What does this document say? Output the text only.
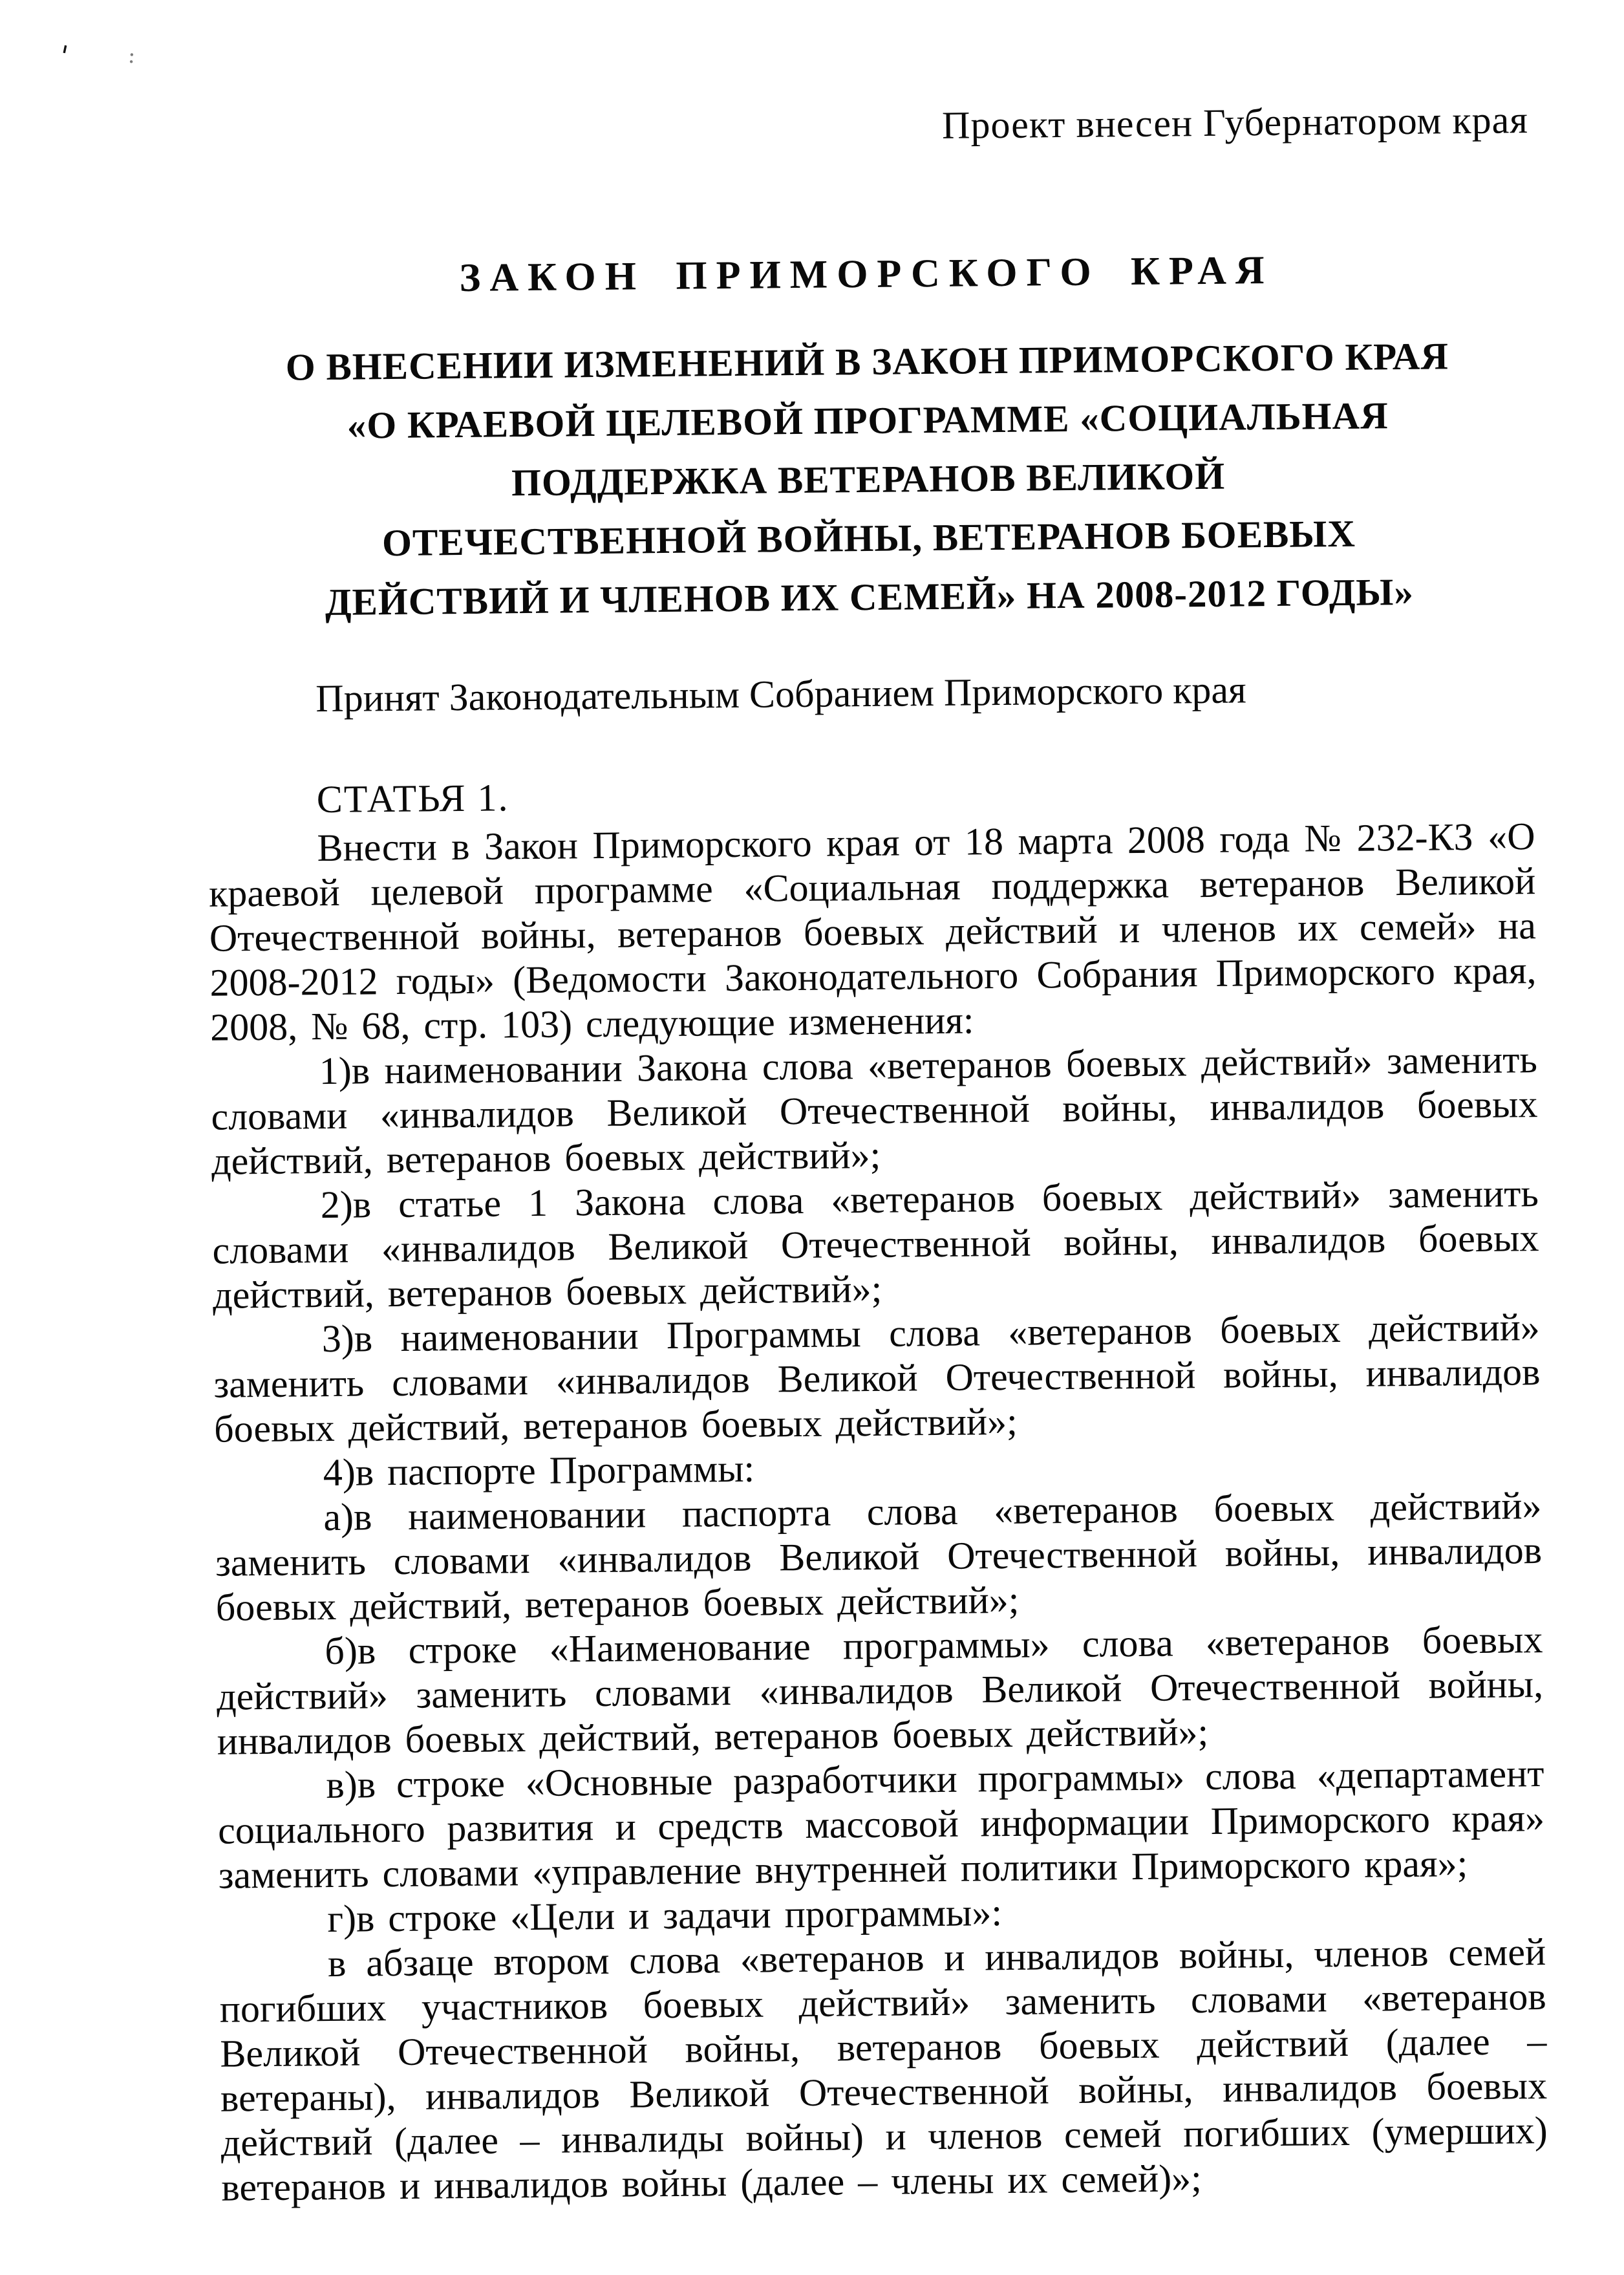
'	:
Проект внесен Губернатором края
ЗАКОН ПРИМОРСКОГО КРАЯ
О ВНЕСЕНИИ ИЗМЕНЕНИЙ В ЗАКОН ПРИМОРСКОГО КРАЯ
«О КРАЕВОЙ ЦЕЛЕВОЙ ПРОГРАММЕ «СОЦИАЛЬНАЯ
ПОДДЕРЖКА ВЕТЕРАНОВ ВЕЛИКОЙ
ОТЕЧЕСТВЕННОЙ ВОЙНЫ, ВЕТЕРАНОВ БОЕВЫХ
ДЕЙСТВИЙ И ЧЛЕНОВ ИХ СЕМЕЙ» НА 2008-2012 ГОДЫ»
Принят Законодательным Собранием Приморского края
СТАТЬЯ 1.
Внести в Закон Приморского края от 18 марта 2008 года № 232-КЗ «О краевой целевой программе «Социальная поддержка ветеранов Великой Отечественной войны, ветеранов боевых действий и членов их семей» на 2008-2012 годы» (Ведомости Законодательного Собрания Приморского края, 2008, № 68, стр. 103) следующие изменения:
1)в наименовании Закона слова «ветеранов боевых действий» заменить словами «инвалидов Великой Отечественной войны, инвалидов боевых действий, ветеранов боевых действий»;
2)в статье 1 Закона слова «ветеранов боевых действий» заменить словами «инвалидов Великой Отечественной войны, инвалидов боевых действий, ветеранов боевых действий»;
3)в наименовании Программы слова «ветеранов боевых действий» заменить словами «инвалидов Великой Отечественной войны, инвалидов боевых действий, ветеранов боевых действий»;
4)в паспорте Программы:
а)в наименовании паспорта слова «ветеранов боевых действий» заменить словами «инвалидов Великой Отечественной войны, инвалидов боевых действий, ветеранов боевых действий»;
б)в строке «Наименование программы» слова «ветеранов боевых действий» заменить словами «инвалидов Великой Отечественной войны, инвалидов боевых действий, ветеранов боевых действий»;
в)в строке «Основные разработчики программы» слова «департамент социального развития и средств массовой информации Приморского края» заменить словами «управление внутренней политики Приморского края»;
г)в строке «Цели и задачи программы»:
в абзаце втором слова «ветеранов и инвалидов войны, членов семей погибших участников боевых действий» заменить словами «ветеранов Великой Отечественной войны, ветеранов боевых действий (далее – ветераны), инвалидов Великой Отечественной войны, инвалидов боевых действий (далее – инвалиды войны) и членов семей погибших (умерших) ветеранов и инвалидов войны (далее – члены их семей)»;
